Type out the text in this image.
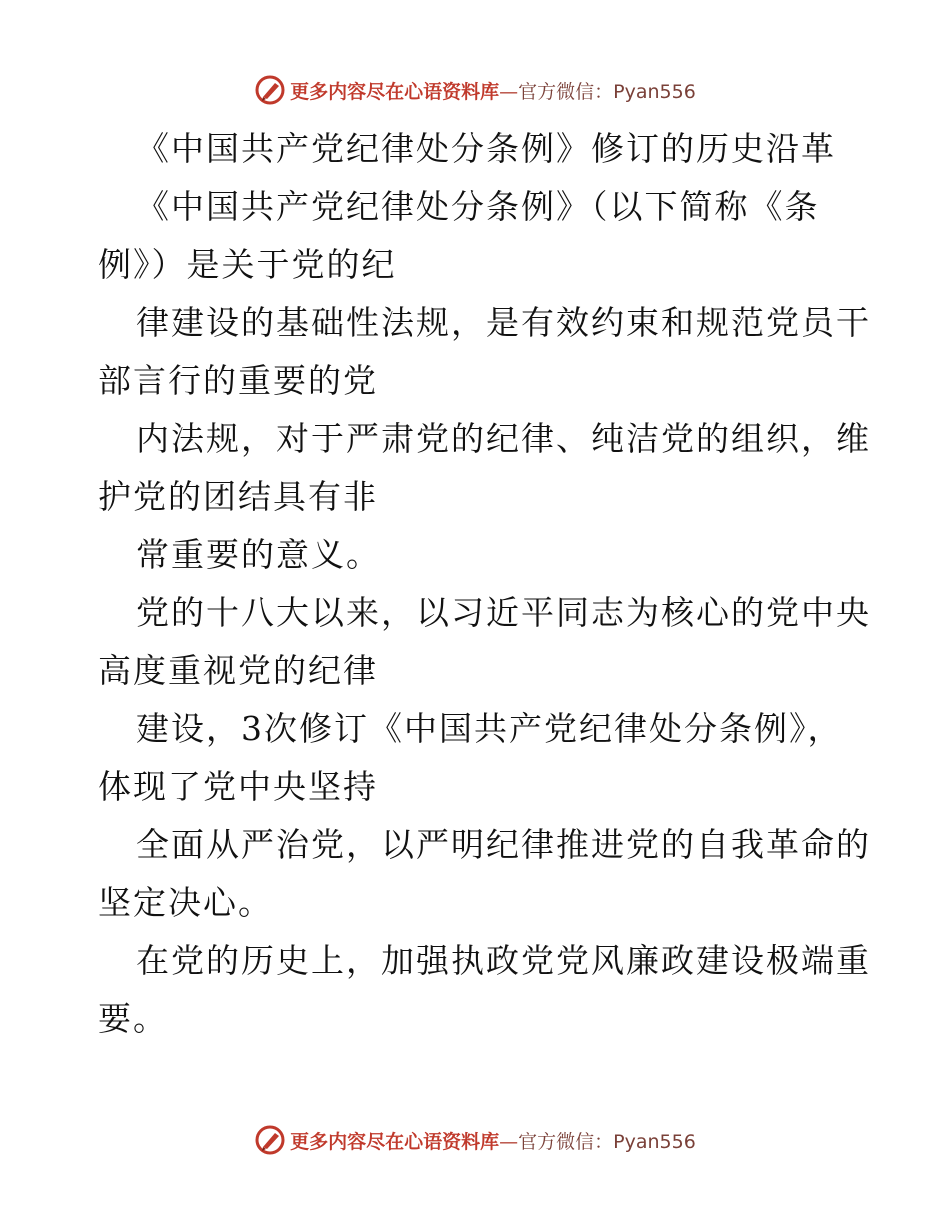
更多内容尽在心语资料库—官方微信：Pyan556
《中国共产党纪律处分条例》修订的历史沿革
《中国共产党纪律处分条例》（以下简称《条
例》）是关于党的纪
律建设的基础性法规，是有效约束和规范党员干
部言行的重要的党
内法规，对于严肃党的纪律、纯洁党的组织，维
护党的团结具有非
常重要的意义。
党的十八大以来，以习近平同志为核心的党中央
高度重视党的纪律
建设，3次修订《中国共产党纪律处分条例》，
体现了党中央坚持
全面从严治党，以严明纪律推进党的自我革命的
坚定决心。
在党的历史上，加强执政党党风廉政建设极端重
要。
更多内容尽在心语资料库—官方微信：Pyan556
